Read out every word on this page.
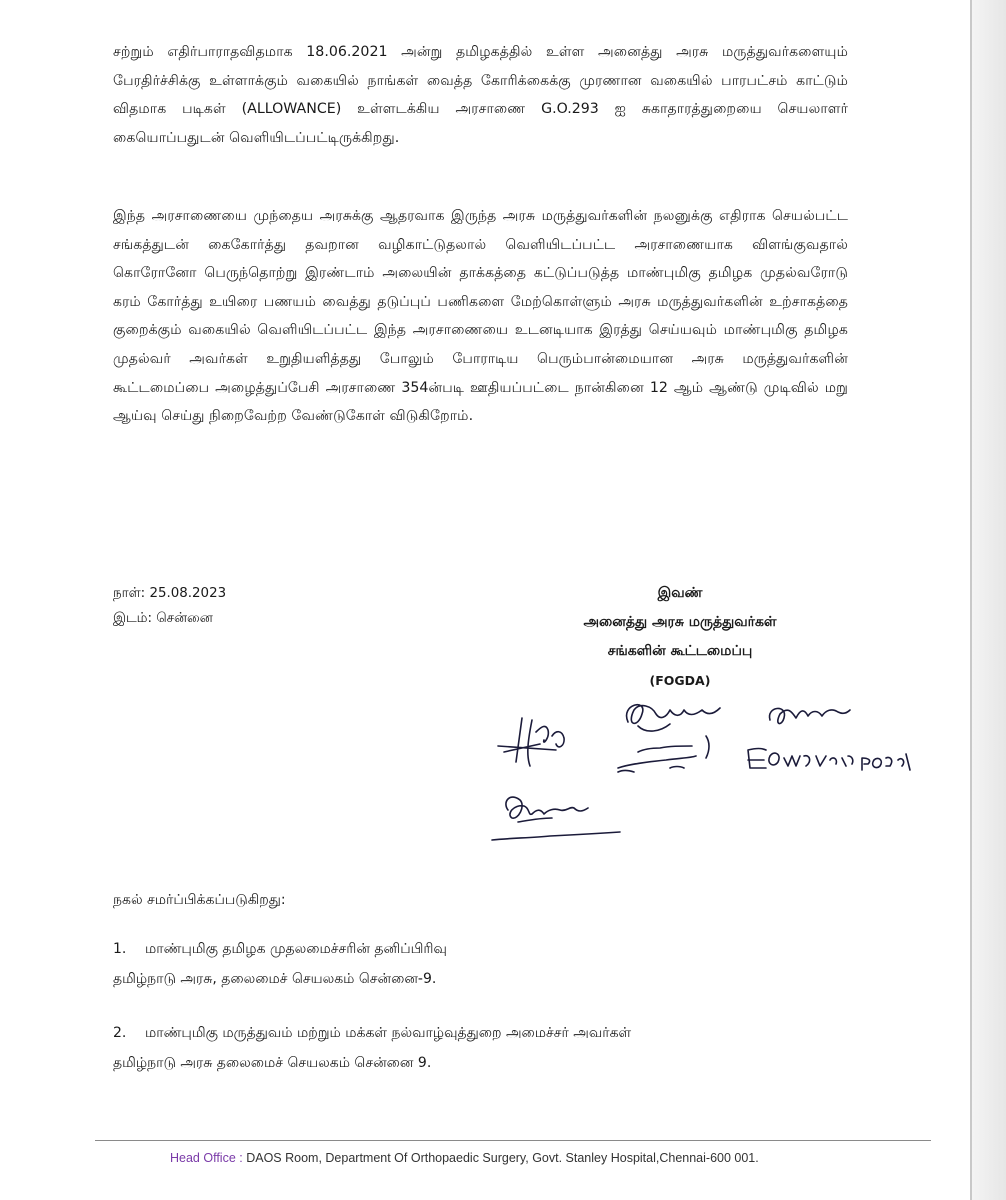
சற்றும் எதிர்பாராதவிதமாக 18.06.2021 அன்று தமிழகத்தில் உள்ள அனைத்து அரசு மருத்துவர்களையும் பேரதிர்ச்சிக்கு உள்ளாக்கும் வகையில் நாங்கள் வைத்த கோரிக்கைக்கு முரணான வகையில் பாரபட்சம் காட்டும் விதமாக படிகள் (ALLOWANCE) உள்ளடக்கிய அரசாணை G.O.293 ஐ சுகாதாரத்துறையை செயலாளர் கையொப்பதுடன் வெளியிடப்பட்டிருக்கிறது.

இந்த அரசாணையை முந்தைய அரசுக்கு ஆதரவாக இருந்த அரசு மருத்துவர்களின் நலனுக்கு எதிராக செயல்பட்ட சங்கத்துடன் கைகோர்த்து தவறான வழிகாட்டுதலால் வெளியிடப்பட்ட அரசாணையாக விளங்குவதால் கொரோனோ பெருந்தொற்று இரண்டாம் அலையின் தாக்கத்தை கட்டுப்படுத்த மாண்புமிகு தமிழக முதல்வரோடு கரம் கோர்த்து உயிரை பணயம் வைத்து தடுப்புப் பணிகளை மேற்கொள்ளும் அரசு மருத்துவர்களின் உற்சாகத்தை குறைக்கும் வகையில் வெளியிடப்பட்ட இந்த அரசாணையை உடனடியாக இரத்து செய்யவும் மாண்புமிகு தமிழக முதல்வர் அவர்கள் உறுதியளித்தது போலும் போராடிய பெரும்பான்மையான அரசு மருத்துவர்களின் கூட்டமைப்பை அழைத்துப்பேசி அரசாணை 354ன்படி ஊதியப்பட்டை நான்கினை 12 ஆம் ஆண்டு முடிவில் மறு ஆய்வு செய்து நிறைவேற்ற வேண்டுகோள் விடுகிறோம்.

நாள்: 25.08.2023
இடம்: சென்னை
இவண்
அனைத்து அரசு மருத்துவர்கள்
சங்களின் கூட்டமைப்பு
(FOGDA)
நகல் சமர்ப்பிக்கப்படுகிறது:
1. மாண்புமிகு தமிழக முதலமைச்சரின் தனிப்பிரிவு
தமிழ்நாடு அரசு, தலைமைச் செயலகம் சென்னை-9.
2. மாண்புமிகு மருத்துவம் மற்றும் மக்கள் நல்வாழ்வுத்துறை அமைச்சர் அவர்கள்
தமிழ்நாடு அரசு தலைமைச் செயலகம் சென்னை 9.
Head Office : DAOS Room, Department Of Orthopaedic Surgery, Govt. Stanley Hospital,Chennai-600 001.
